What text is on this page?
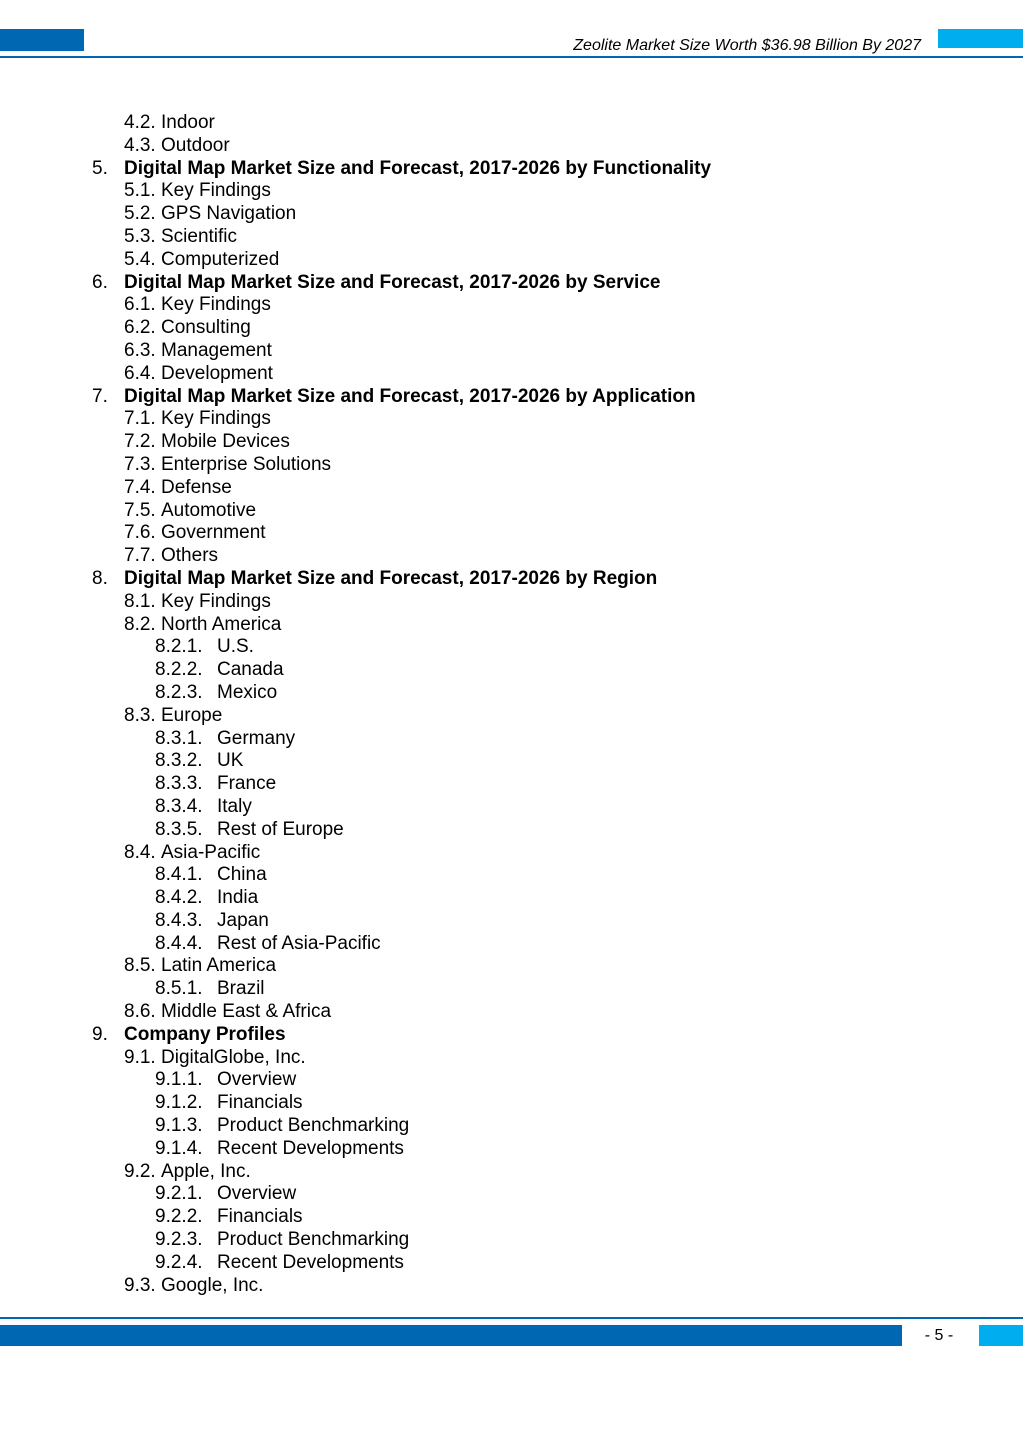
Zeolite Market Size Worth $36.98 Billion By 2027
4.2. Indoor
4.3. Outdoor
5. Digital Map Market Size and Forecast, 2017-2026 by Functionality
5.1. Key Findings
5.2. GPS Navigation
5.3. Scientific
5.4. Computerized
6. Digital Map Market Size and Forecast, 2017-2026 by Service
6.1. Key Findings
6.2. Consulting
6.3. Management
6.4. Development
7. Digital Map Market Size and Forecast, 2017-2026 by Application
7.1. Key Findings
7.2. Mobile Devices
7.3. Enterprise Solutions
7.4. Defense
7.5. Automotive
7.6. Government
7.7. Others
8. Digital Map Market Size and Forecast, 2017-2026 by Region
8.1. Key Findings
8.2. North America
8.2.1. U.S.
8.2.2. Canada
8.2.3. Mexico
8.3. Europe
8.3.1. Germany
8.3.2. UK
8.3.3. France
8.3.4. Italy
8.3.5. Rest of Europe
8.4. Asia-Pacific
8.4.1. China
8.4.2. India
8.4.3. Japan
8.4.4. Rest of Asia-Pacific
8.5. Latin America
8.5.1. Brazil
8.6. Middle East & Africa
9. Company Profiles
9.1. DigitalGlobe, Inc.
9.1.1. Overview
9.1.2. Financials
9.1.3. Product Benchmarking
9.1.4. Recent Developments
9.2. Apple, Inc.
9.2.1. Overview
9.2.2. Financials
9.2.3. Product Benchmarking
9.2.4. Recent Developments
9.3. Google, Inc.
- 5 -
